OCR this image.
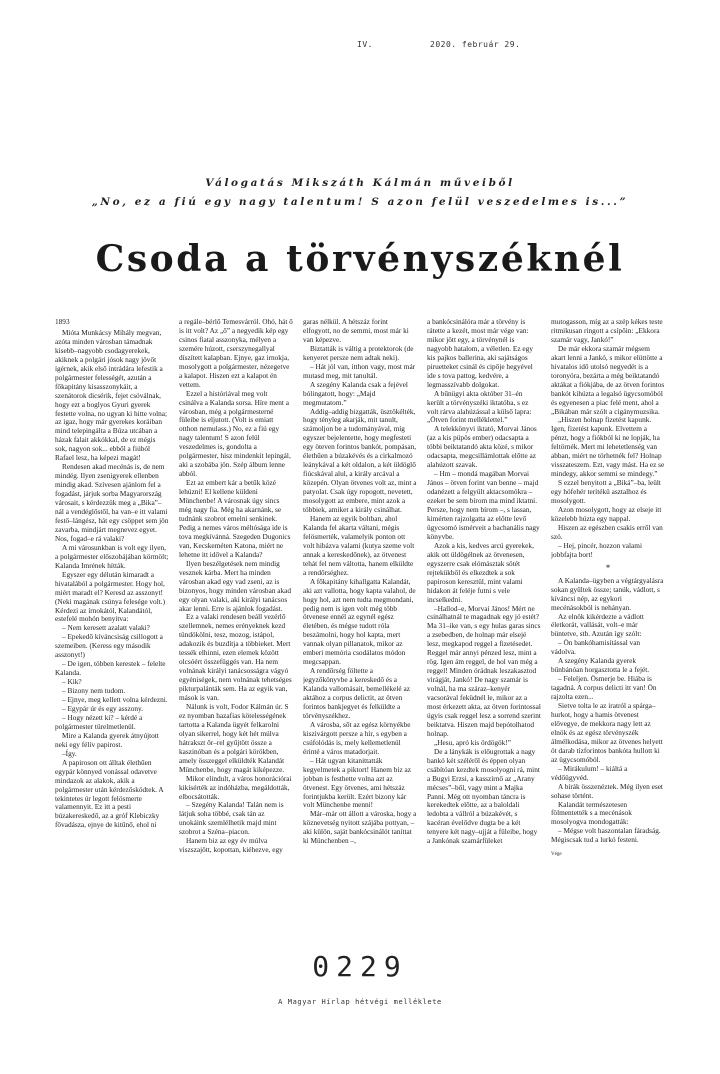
IV.	2020. február 29.
Válogatás Mikszáth Kálmán műveiből
„No, ez a fiú egy nagy talentum! S azon felül veszedelmes is...”
Csoda a törvényszéknél

1893

Mióta Munkácsy Mihály megvan, azóta minden városban támadnak kisebb–nagyobb csodagyerekek, akiknek a polgári jósok nagy jövőt ígérnek, akik első intrádára lefestik a polgármester felességét, azután a főkapitány kisasszonykáit, a szenátorok dicsérik, fejet csóválnak, hogy ezt a boglyos Gyuri gyerek festette volna, no ugyan ki hitte volna; az igaz, hogy már gyerekes koráiban mind telepingálta a Búza utcában a házak falait akkókkal, de ez mégis sok, nagyon sok... ebből a fiúból Rafael lesz, ha képezi magát!

Rendesen akad mecénás is, de nem mindég. Ilyen zsenigyerek ellenben mindig akad. Szívesen ajánlom fel a fogadást, járjuk sorba Magyarország városait, s kérdezzük meg a „Bika”–nál a vendéglőstől, ha van–e itt valami festő–lángész, hát egy csöppet sem jön zavarba, mindjárt megnevez egyet. Nos, fogad–e rá valaki?

A mi városunkban is volt egy ilyen, a polgármester előszobájában körmölt; Kalanda Imrének hítták.

Egyszer egy délután kimaradt a hivatalából a polgármester. Hogy hol, miért maradt el? Keresd az asszonyt! (Neki magának csúnya felesége volt.) Kérdezi az írnokától, Kalandától, estefelé mohón benyitva:

– Nem keresett azalatt valaki?

– Epekedő kíváncsiság csillogott a szemeiben. (Keress egy második asszonyt!)

– De igen, többen kerestek – felelte Kalanda.

– Kik?

– Bizony nem tudom.

– Ejnye, meg kellett volna kérdezni.

– Egypár úr és egy asszony.

– Hogy nézett ki? – kérdé a polgármester türelmetlenül.

Mire a Kalanda gyerek átnyújtott neki egy félív papirost.

–Így.

A papiroson ott álltak élethűen egypár könnyed vonással odavetve mindazok az alakok, akik a polgármester után kérdezősködtek. A tekintetes úr legott felösmerte valamennyit. Ez itt a pesti búzakereskedő, az a gróf Klebiczky fővadásza, ejnye de kitűnő, ehol ni

a regále–bérlő Temesvárról. Ohó, hát ő is itt volt? Az „ő” a negyedik kép egy csinos fiatal asszonyka, mélyen a szemére húzott, cserszynegallyal díszített kalapban. Ejnye, gaz irnokja, mosolygott a polgármester, nézegetve a kalapot. Hiszen ezt a kalapot én vettem.

Ezzel a históriával meg volt csinálva a Kalanda sorsa. Híre ment a városban, még a polgármesterné füleibe is eljutott. (Volt is emiatt otthon nemulass.) No, ez a fiú egy nagy talentum! S azon felül veszedelmes is, gondolta a polgármester, hisz mindenkit lepingál, aki a szobába jön. Szép álbum lenne abból.

Ezt az embert kár a betűk közé lehúzni! El kellene küldeni Münchenbe! A városnak úgy sincs még nagy fia. Még ha akarnánk, se tudnánk szobrot emelni senkinek. Pedig a nemes város méltósága ide is tova megkívánná. Szegeden Dugonics van, Kecskeméten Katona, miért ne lehetne itt idővel a Kalanda?

Ilyen beszélgetések nem mindig vesznek kárba. Mert ha minden városban akad egy vad zseni, az is bizonyos, hogy minden városban akad egy olyan valaki, aki királyi tanácsos akar lenni. Erre is ajánlok fogadást.

Ez a valaki rendesen beáll vezérlő szellemnek, nemes erényeknek kezd tündökölni, tesz, mozog, istápol, adakozik és buzdítja a többieket. Mert tessék elhinni, ezen elemek között olcsóért összefüggés van. Ha nem volnának királyi tanácsosságra vágyó egyéniségek, nem volnának tehetséges pikturpalánták sem. Ha az egyik van, mások is van.

Nálunk is volt, Fodor Kálmán úr. S ez nyomban hazafias kötelességének tartotta a Kalanda ügyét felkarolni olyan sikerrel, hogy két hét múlva hátrakszt őr–rel gyűjtött össze a kaszinóban és a polgári körökben, amely összeggel elküldték Kalandát Münchenbe, hogy magát kiképezze.

Mikor elindult, a város honorációrai kikísérték az indóházba, megáldották, elbocsátották.

– Szegény Kalanda! Talán nem is látjuk soha többé, csak tán az unokáink szemlélhetik majd mint szobrot a Széna–piacon.

Hanem biz az egy év múlva viszszajött, kopottan, kiéhezve, egy

garas nélkül. A hétszáz forint elfogyott, no de semmi, most már ki van képezve.

Biztatták is váltig a protektorok (de kenyeret persze nem adtak neki).

– Hát jól van, itthon vagy, most már mutasd meg, mit tanultál.

A szegény Kalanda csak a fejével bólingatott, hogy: „Majd megmutatom.”

Addig–addig bizgatták, üsztökélték, hogy tényleg akarják, mit tanult, számoljon be a tudományával, míg egyszer bejelentette, hogy megfesteti egy öteven forintos bankót, pompásan, élethűen a búzakévés és a cirkalmozó leánykával a két oldalon, a két üldöglő fiúcskával alul, a király arcával a közepén. Olyan ötvenes volt az, mint a patyolat. Csak úgy ropogott, nevetett, mosolygott az embere, mint azok a többiek, amiket a király csinálhat.

Hanem az egyik boltban, ahol Kalanda fel akarta váltani, mégis felösmerték, valamelyik ponton ott volt hibázva valami (kutya szeme volt annak a kereskedőnek), az ötvenest tehát fel nem váltotta, hanem elküldte a rendőrséghez.

A főkapitány kihallgatta Kalandát, aki azt vallotta, hogy kapta valahol, de hogy hol, azt nem tudta megmondani, pedig nem is igen volt még több ötvenese ennél az egynél egész életében, és mégse tudott róla beszámolni, hogy hol kapta, mert vannak olyan pillanatok, mikor az emberi memória csodálatos módon megcsappan.

A rendőrség föltette a jegyzőkönyvbe a kereskedő és a Kalanda vallomásait, bemellékelé az aktához a corpus delictit, az ötven forintos bankjegyet és felküldte a törvényszékhez.

A városba, sőt az egész környékbe kiszivárgott persze a hír, s egyben a csúfolódás is, mely kellemetlenül érinté a város matadorjait.

– Hát ugyan kitanittatták kegyelmetek a piktort! Hanem biz az jobban is festhette volna azt az ötvenest. Egy ötvenes, ami hétszáz forintjukba került. Ezért bizony kár volt Münchenbe menni!

Már–már ott állott a városka, hogy a köznevetség nyitott szájába pottyan, – aki külön, saját bankócsinálót taníttat ki Münchenben –,

a bankócsinálóra már a törvény is rátette a kezét, most már vége van: mikor jött egy, a törvénynél is nagyobb hatalom, a véletlen. Ez egy kis pajkos ballerina, aki sajátságos piruetteket csinál és cipője hegyével ide s tova pattog, kedvére, a legmasszívabb dolgokat.

A bűnügyi akta október 31–én került a törvényszéki iktatóba, s ez volt rárva alahúzással a külső lapra: „Ötven forint melléklettel.”

A telekkönyvi iktató, Morvai János (az a kis püpös ember) odacsapta a többi beiktatandó akta közé, s mikor odacsapta, megcsillámlottak előtte az alahúzott szavak.

– Hm – mondá magában Morvai János – ötven forint van benne – majd odanézett a felgyült aktacsomókra – ezeket be sem bírom ma mind iktatni. Persze, hogy nem bírom –, s lassan, kimérten rajzolgatta az előtte levő ügycsomó ismérveit a bachanális nagy könyvbe.

Azok a kis, kedves arcú gyerekek, akik ott üldögélnek az ötvenesen, egyszerre csak elómásztak sötét rejtekükből és elkezdtek a sok papiroson keresztül, mint valami hidakon át feléje futni s vele incselkedni.

–Hallod–e, Morvai János! Mért ne csinálhatnál te magadnak egy jó estét? Ma 31–ike van, s egy hulas garas sincs a zsebedben, de holnap már elsejé lesz, megkapod reggel a fizetésedet. Reggel már annyi pénzed lesz, mint a rög. Igen ám reggel, de hol van még a reggel! Minden órádnak leszakasztod virágját, Jankó! De nagy szamár is volnál, ha ma száraz–kenyér vacsorával feküdnél le, mikor az a most érkezett akta, az ötven forintossal úgyis csak reggel lesz a sorrend szerint beiktatva. Hiszen majd bepótolhatod holnap.

„Hesu, apró kis ördögök!”

De a lánykák is előugrottak a nagy bankó két széléről és éppen olyan csábítóan kezdtek mosolyogni rá, mint a Bugyi Erzsi, a kasszírnő az „Arany mécses”–ből, vagy mint a Majka Panni. Még ott nyomban táncra is kerekedtek előtte, az a baloldali ledobta a vállról a búzakévét, s kacéran évelődve dugta be a két tenyere két nagy–ujját a füleibe, hogy a Jankónak szamárfüleket

mutogasson, míg az a szép kékes teste ritmikusan ringott a csípőin: „Ekkora szamár vagy, Jankó!”

De már ekkora szamár mégsem akart lenni a Jankó, s mikor elüttötte a hivatalos idő utolsó negyedét is a toronyóra, bezárta a még beiktatandó aktákat a fiókjába, de az ötven forintos bankót kihúzta a legalsó ügycsomóból és egyenesen a piac felé ment, ahol a „Bikában már szólt a cigánymuzsika.

„Hiszen holnap fizetést kapunk. Igen, fizetést kapunk. Elvettem a pénzt, hogy a fiókból ki ne lopják, ha feltörnék. Mert mi lehetetlenség van abban, miért ne törhetnék fel? Holnap visszateszem. Ezt, vagy mást. Ha ez se mindegy, akkor semmi se mindegy.”

S ezzel benyitott a „Biká”–ba, leült egy hófehér terítékü asztalhoz és mosolygott.

Azon mosolygott, hogy az elseje itt közelebb húzta egy nappal.

Hiszen az egészben csakis erről van szó.

– Hej, pincér, hozzon valami jobbfajta bort!

*

A Kalanda–ügyben a végtárgyalásra sokan gyűltek össze; tanúk, vádlott, s kíváncsi nép, az egykori mecénásokból is nehányan.

Az elnök kikérdezte a vádlott életkorát, vallását, volt–e már büntetve, stb. Azután így szólt:

– Ön bankóhamisítással van vádolva.

A szegény Kalanda gyerek bűnbánóan horgasztotta le a fejét.

– Feleljen. Ösmerje be. Hiába is tagadná. A corpus delicti itt van! Ön rajzolta ezen...

Sietve tolta le az iratról a spárga–hurkot, hogy a hamis ötvenest elővegye, de mekkora nagy lett az elnök és az egész törvényszék álmélkodása, mikor az ötvenes helyett öt darab tízforintos bankóta hullott ki az ügycsomóból.

– Mirákulum! – kiáltá a védőügyvéd.

A bírák összenéztek. Még ilyen eset sohase történt.

Kalandát természetesen fölmentették s a mecénások mosolyogva mondogatták:

– Mégse volt haszontalan fáradság. Mégiscsak tud a lurkó festeni.

Vége

0229
A Magyar Hírlap hétvégi melléklete
